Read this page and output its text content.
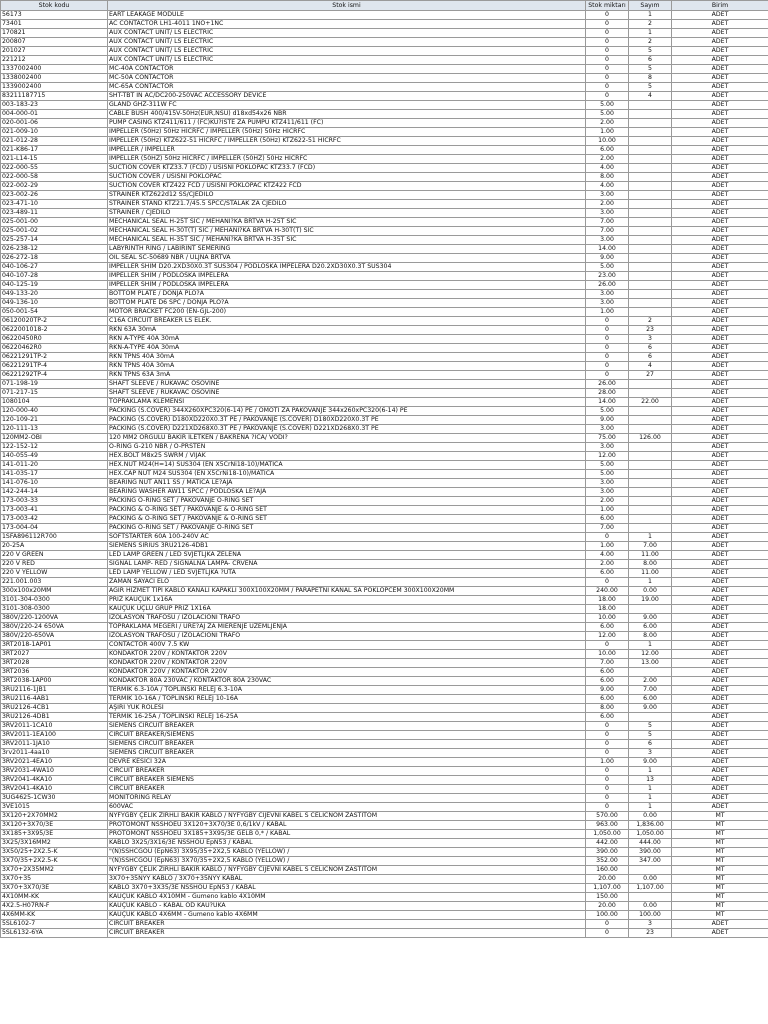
Stok kodu	Stok ismi	Stok miktarı	Sayım	Birim
56173	EART LEAKAGE MODULE	0	1	ADET
73401	AC CONTACTOR LH1-4011 1NO+1NC	0	2	ADET
170821	AUX CONTACT UNIT/ LS ELECTRIC	0	1	ADET
200807	AUX CONTACT UNIT/ LS ELECTRIC	0	2	ADET
201027	AUX CONTACT UNIT/ LS ELECTRIC	0	5	ADET
221212	AUX CONTACT UNIT/ LS ELECTRIC	0	6	ADET
1337002400	MC-40A CONTACTOR	0	5	ADET
1338002400	MC-50A CONTACTOR	0	8	ADET
1339002400	MC-65A CONTACTOR	0	5	ADET
83211187715	SHT-TBT IN AC/DC200-250VAC ACCESSORY DEVICE	0	4	ADET
003-183-23	GLAND GHZ-311W FC	5.00		ADET
004-000-01	CABLE BUSH 400/415V-50Hz(EUR,NSU) d18xd54x26 NBR	5.00		ADET
020-001-06	PUMP CASING KTZ411/611 / (FC)KU?IŠTE ZA PUMPU KTZ411/611 (FC)	2.00		ADET
021-009-10	IMPELLER (50Hz) 50Hz HİCRFC / IMPELLER (50Hz) 50Hz HİCRFC	1.00		ADET
021-012-28	IMPELLER (50Hz) KTZ622-51 HİCRFC / IMPELLER (50Hz) KTZ622-51 HİCRFC	10.00		ADET
021-K86-17	IMPELLER / IMPELLER	6.00		ADET
021-L14-15	IMPELLER (50HZ) 50Hz HİCRFC / IMPELLER (50HZ) 50Hz HİCRFC	2.00		ADET
022-000-55	SUCTION COVER KTZ33.7 (FCD) / USISNI POKLOPAC KTZ33.7 (FCD)	4.00		ADET
022-000-58	SUCTION COVER / USISNI POKLOPAC	8.00		ADET
022-002-29	SUCTION COVER KTZ422 FCD / USISNI POKLOPAC KTZ422 FCD	4.00		ADET
023-002-26	STRAINER KTZ622d12 SS/CJEDILO	3.00		ADET
023-471-10	STRAINER STAND KTZ21.7/45.5 SPCC/STALAK ZA CJEDILO	2.00		ADET
023-489-11	STRAINER / CJEDILO	3.00		ADET
025-001-00	MECHANICAL SEAL H-25T SİC / MEHANI?KA BRTVA H-25T SİC	7.00		ADET
025-001-02	MECHANICAL SEAL H-30T(T) SİC / MEHANI?KA BRTVA H-30T(T) SİC	7.00		ADET
025-257-14	MECHANICAL SEAL H-35T SİC / MEHANI?KA BRTVA H-35T SİC	3.00		ADET
026-238-12	LABYRİNTH RİNG / LABIRINT SEMERING	14.00		ADET
026-272-18	OIL SEAL SC-50689 NBR / ULJNA BRTVA	9.00		ADET
040-106-27	IMPELLER SHIM D20.2XD30X0.3T SUS304 / PODLOŠKA IMPELERA D20.2XD30X0.3T SUS304	5.00		ADET
040-107-28	IMPELLER SHİM / PODLOŠKA IMPELERA	23.00		ADET
040-125-19	IMPELLER SHİM / PODLOŠKA IMPELERA	26.00		ADET
049-133-20	BOTTOM PLATE / DONJA PLO?A	3.00		ADET
049-136-10	BOTTOM PLATE D6 SPC / DONJA PLO?A	3.00		ADET
050-001-54	MOTOR BRACKET FC200 (EN-GJL-200)	1.00		ADET
06120020TP-2	C16A CIRCUIT BREAKER LS ELEK.	0	2	ADET
0622001018-2	RKN 63A 30mA	0	23	ADET
06220450R0	RKN A-TYPE 40A 30mA	0	3	ADET
06220462R0	RKN-A-TYPE 40A 30mA	0	6	ADET
06221291TP-2	RKN TPNS 40A 30mA	0	6	ADET
06221291TP-4	RKN TPNS 40A 30mA	0	4	ADET
06221292TP-4	RKN TPNS 63A 3mA	0	27	ADET
071-198-19	SHAFT SLEEVE / RUKAVAC OSOVINE	26.00		ADET
071-217-15	SHAFT SLEEVE / RUKAVAC OSOVINE	28.00		ADET
1080104	TOPRAKLAMA KLEMENSİ	14.00	22.00	ADET
120-000-40	PACKING (S.COVER) 344X260XPC320(6-14) PE / OMOTI ZA PAKOVANJE 344x260xPC320(6-14) PE	5.00		ADET
120-109-21	PACKING (S.COVER) D180XD220X0.3T PE / PAKOVANJE (S.COVER) D180XD220X0.3T PE	9.00		ADET
120-111-13	PACKING (S.COVER) D221XD268X0.3T PE / PAKOVANJE (S.COVER) D221XD268X0.3T PE	3.00		ADET
120MM2-ÖBI	120 MM2 ÖRGÜLÜ BAKIR İLETKEN / BAKRENA ?ICA/ VODI?	75.00	126.00	ADET
122-152-12	O-RING G-210 NBR / O-PRSTEN	3.00		ADET
140-055-49	HEX.BOLT M8x25 SWRM / VIJAK	12.00		ADET
141-011-20	HEX.NUT M24(H=14) SUS304 (EN X5CrNi18-10)/MATICA	5.00		ADET
141-035-17	HEX.CAP NUT M24 SUS304 (EN X5CrNi18-10)/MATICA	5.00		ADET
141-076-10	BEARING NUT AN11 SS / MATICA LE?AJA	3.00		ADET
142-244-14	BEARING WASHER AW11 SPCC / PODLOŠKA LE?AJA	3.00		ADET
173-003-33	PACKING O-RING SET / PAKOVANJE O-RING SET	2.00		ADET
173-003-41	PACKING & O-RING SET / PAKOVANJE & O-RING SET	1.00		ADET
173-003-42	PACKING & O-RING SET / PAKOVANJE & O-RING SET	6.00		ADET
173-004-04	PACKING O-RING SET / PAKOVANJE O-RING SET	7.00		ADET
1SFA896112R700	SOFTSTARTER 60A 100-240V AC	0	1	ADET
20-25A	SIEMENS SIRIUS 3RU2126-4DB1	1.00	7.00	ADET
220 V GREEN	LED LAMP GREEN / LED SVJETLJKA ZELENA	4.00	11.00	ADET
220 V RED	SIGNAL LAMP- RED / SIGNALNA LAMPA- CRVENA	2.00	8.00	ADET
220 V YELLOW	LED LAMP YELLOW / LED SVJETLJKA ?UTA	6.00	11.00	ADET
221.001.003	ZAMAN SAYACI ELO	0	1	ADET
300x100x20MM	AĞIR HİZMET TİPİ KABLO KANALI KAPAKLI 300X100X20MM / PARAPETNI KANAL SA POKLOPCEM 300X100X20MM	240.00	0.00	ADET
3101-304-0300	PRIZ KAUÇUK 1x16A	18.00	19.00	ADET
3101-308-0300	KAUÇUK ÜÇLÜ GRUP PRIZ 1X16A	18.00		ADET
380V/220-1200VA	İZOLASYON TRAFOSU / IZOLACIONI TRAFO	10.00	9.00	ADET
380V/220-24 650VA	TOPRAKLAMA MEGERI / URE?AJ ZA MIERENJE UZEMLJENJA	6.00	6.00	ADET
380V/220-650VA	İZOLASYON TRAFOSU / IZOLACIONI TRAFO	12.00	8.00	ADET
3RT2018-1AP01	CONTACTOR 400V 7.5 KW	0	1	ADET
3RT2027	KONDAKTÖR 220V / KONTAKTOR 220V	10.00	12.00	ADET
3RT2028	KONDAKTÖR 220V / KONTAKTOR 220V	7.00	13.00	ADET
3RT2036	KONDAKTÖR 220V / KONTAKTOR 220V	6.00		ADET
3RT2038-1AP00	KONDAKTÖR 80A 230VAC / KONTAKTOR 80A 230VAC	6.00	2.00	ADET
3RU2116-1JB1	TERMİK 6.3-10A / TOPLINSKI RELEJ 6.3-10A	9.00	7.00	ADET
3RU2116-4AB1	TERMİK 10-16A / TOPLINSKI RELEJ 10-16A	6.00	6.00	ADET
3RU2126-4CB1	AŞIRI YÜK RÖLESİ	8.00	9.00	ADET
3RU2126-4DB1	TERMİK 16-25A / TOPLINSKI RELEJ 16-25A	6.00		ADET
3RV2011-1CA10	SIEMENS CIRCUIT BREAKER	0	5	ADET
3RV2011-1EA100	CIRCUIT BREAKER/SIEMENS	0	5	ADET
3RV2011-1JA10	SIEMENS CIRCUIT BREAKER	0	6	ADET
3rv2011-4aa10	SIEMENS CIRCUIT BREAKER	0	3	ADET
3RV2021-4EA10	DEVRE KESİCİ 32A	1.00	9.00	ADET
3RV2031-4WA10	CIRCUIT BREAKER	0	1	ADET
3RV2041-4KA10	CIRCUIT BREAKER SIEMENS	0	13	ADET
3RV2041-4KA10	CIRCUIT BREAKER	0	1	ADET
3UG4625-1CW30	MONITORING RELAY	0	1	ADET
3VE1015	600VAC	0	1	ADET
3X120+2X70MM2	NYFYGBY ÇELİK ZIRHLI BAKIR KABLO / NYFYGBY CIJEVNI KABEL S CELICNOM ZASTITOM	570.00	0.00	MT
3X120+3X70/3E	PROTOMONT NSSHOEU 3X120+3X70/3E 0,6/1kV / KABAL	963.00	1,836.00	MT
3X185+3X95/3E	PROTOMONT NSSHOEU 3X185+3X95/3E GELB 0,* / KABAL	1,050.00	1,050.00	MT
3X25/3X16MM2	KABLO 3X25/3X16/3E NSSHÖU EpN53 / KABAL	442.00	444.00	MT
3X50/25+2X2.5-K	"(N)SSHCGÖU (EpN63) 3X95/35+2X2,5 KABLO (YELLOW) /	390.00	390.00	MT
3X70/35+2X2.5-K	"(N)SSHCGÖU (EpN63) 3X70/35+2X2,5 KABLO (YELLOW) /	352.00	347.00	MT
3X70+2X35MM2	NYFYGBY ÇELİK ZIRHLI BAKIR KABLO / NYFYGBY CIJEVNI KABEL S CELICNOM ZASTITOM	160.00		MT
3X70+35	3X70+35NYY KABLO / 3X70+35NYY KABAL	20.00	0.00	MT
3X70+3X70/3E	KABLO 3X70+3X35/3E NSSHÖU EpN53 / KABAL	1,107.00	1,107.00	MT
4X10MM-KK	KAUÇUK KABLO 4X10MM - Gumeno kablo 4X10MM	150.00		MT
4X2.5-H07RN-F	KAUÇUK KABLO - KABAL OD KAU?UKA	20.00	0.00	MT
4X6MM-KK	KAUÇUK KABLO 4X6MM - Gumeno kablo 4X6MM	100.00	100.00	MT
5SL6102-7	CIRCUIT BREAKER	0	3	ADET
5SL6132-6YA	CIRCUIT BREAKER	0	23	ADET
